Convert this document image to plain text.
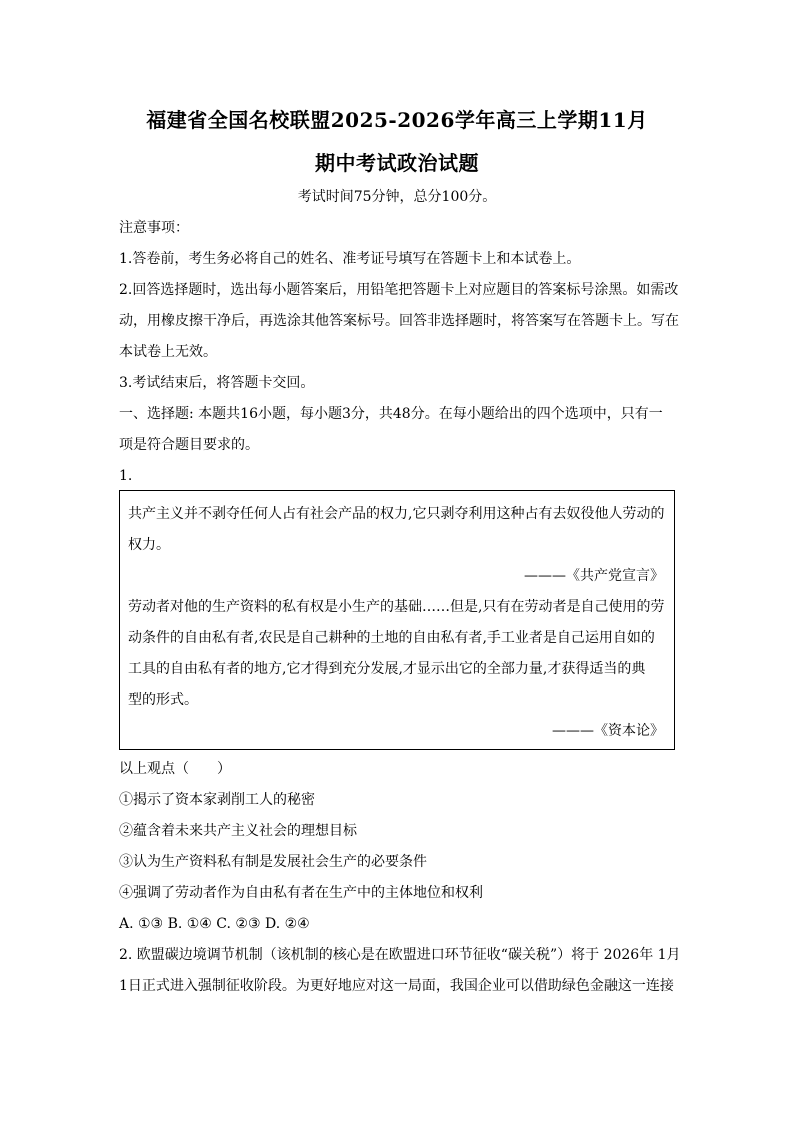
福建省全国名校联盟2025-2026学年高三上学期11月
期中考试政治试题
考试时间75分钟，总分100分。
注意事项：
1.答卷前，考生务必将自己的姓名、准考证号填写在答题卡上和本试卷上。
2.回答选择题时，选出每小题答案后，用铅笔把答题卡上对应题目的答案标号涂黑。如需改
动，用橡皮擦干净后，再选涂其他答案标号。回答非选择题时，将答案写在答题卡上。写在
本试卷上无效。
3.考试结束后，将答题卡交回。
一、选择题: 本题共16小题，每小题3分，共48分。在每小题给出的四个选项中，只有一
项是符合题目要求的。
1.
共产主义并不剥夺任何人占有社会产品的权力,它只剥夺利用这种占有去奴役他人劳动的
权力。
———《共产党宣言》
劳动者对他的生产资料的私有权是小生产的基础……但是,只有在劳动者是自己使用的劳
动条件的自由私有者,农民是自己耕种的土地的自由私有者,手工业者是自己运用自如的
工具的自由私有者的地方,它才得到充分发展,才显示出它的全部力量,才获得适当的典
型的形式。
———《资本论》
以上观点（　　）
①揭示了资本家剥削工人的秘密
②蕴含着未来共产主义社会的理想目标
③认为生产资料私有制是发展社会生产的必要条件
④强调了劳动者作为自由私有者在生产中的主体地位和权利
A. ①③ B. ①④ C. ②③ D. ②④
2. 欧盟碳边境调节机制（该机制的核心是在欧盟进口环节征收“碳关税”）将于 2026年 1月
1日正式进入强制征收阶段。为更好地应对这一局面，我国企业可以借助绿色金融这一连接
